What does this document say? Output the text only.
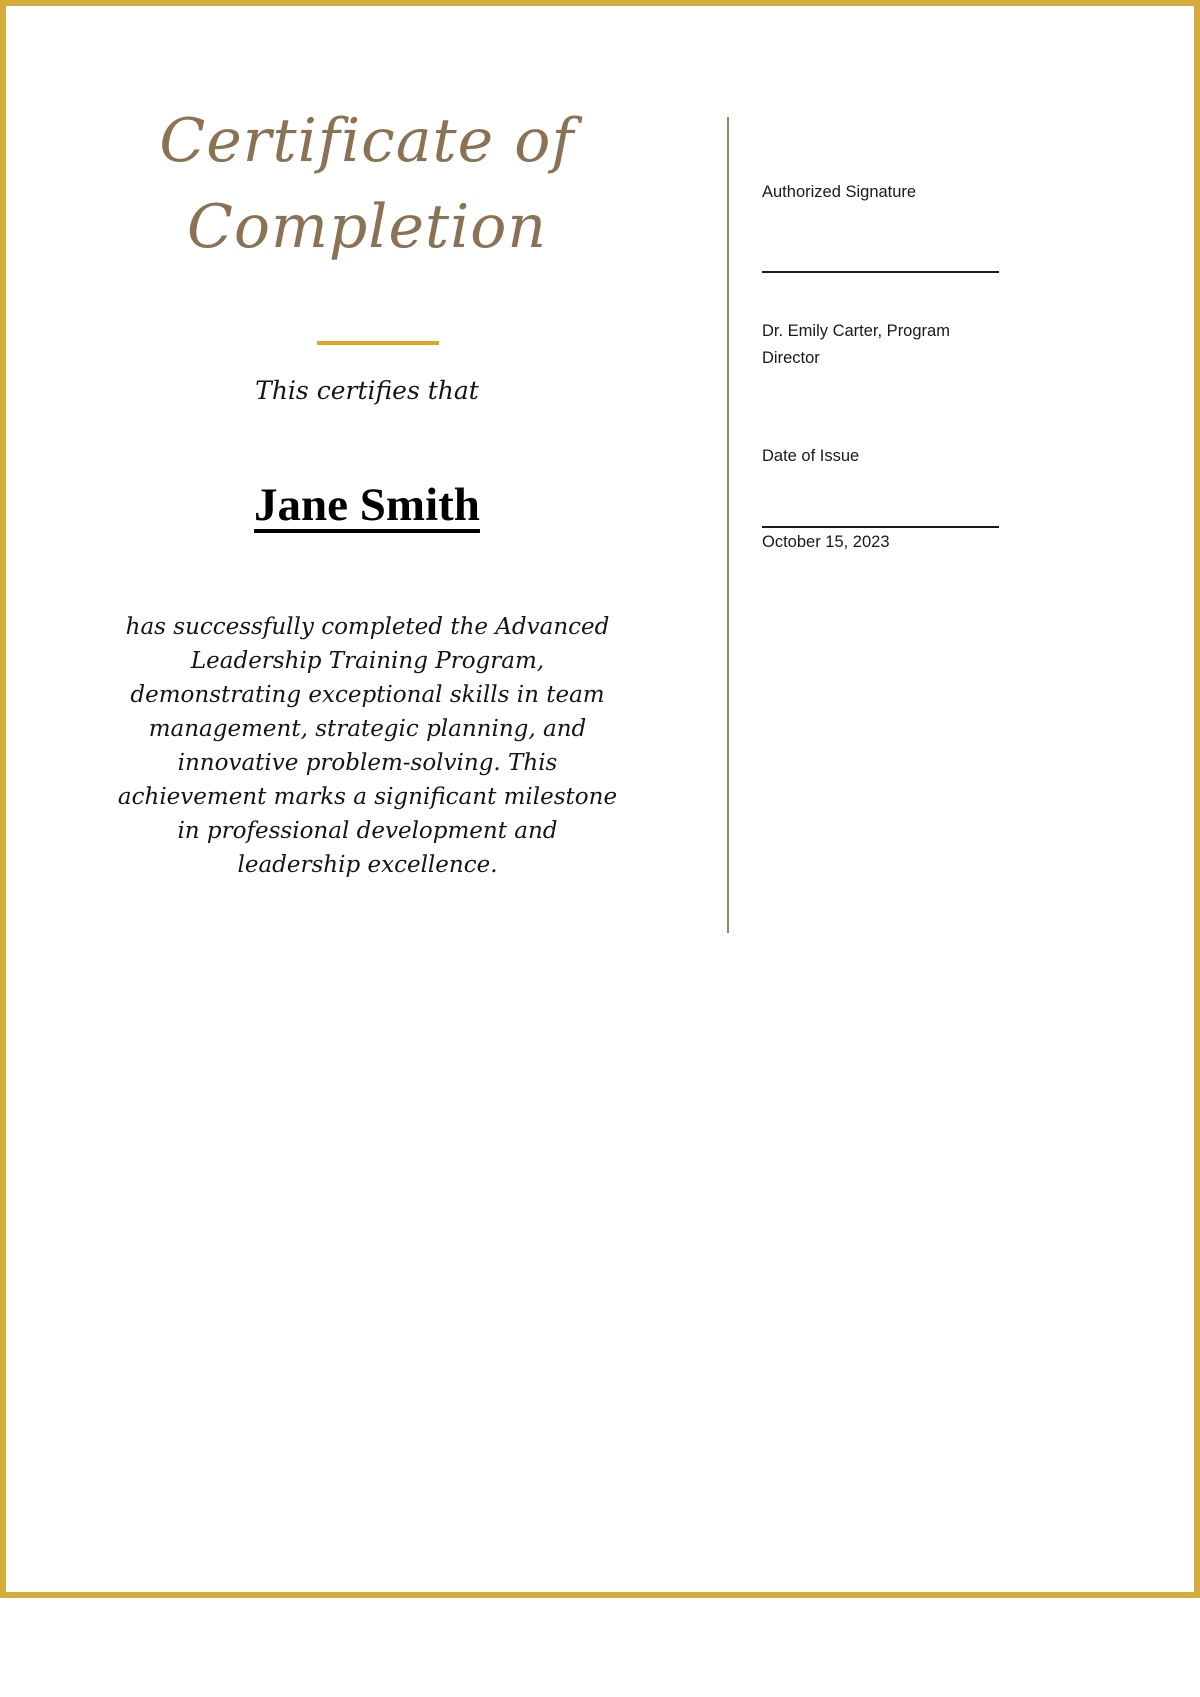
Certificate of
Completion

This certifies that

Jane Smith

has successfully completed the Advanced Leadership Training Program, demonstrating exceptional skills in team management, strategic planning, and innovative problem-solving. This achievement marks a significant milestone in professional development and leadership excellence.

Authorized Signature
Dr. Emily Carter, Program Director
Date of Issue
October 15, 2023
